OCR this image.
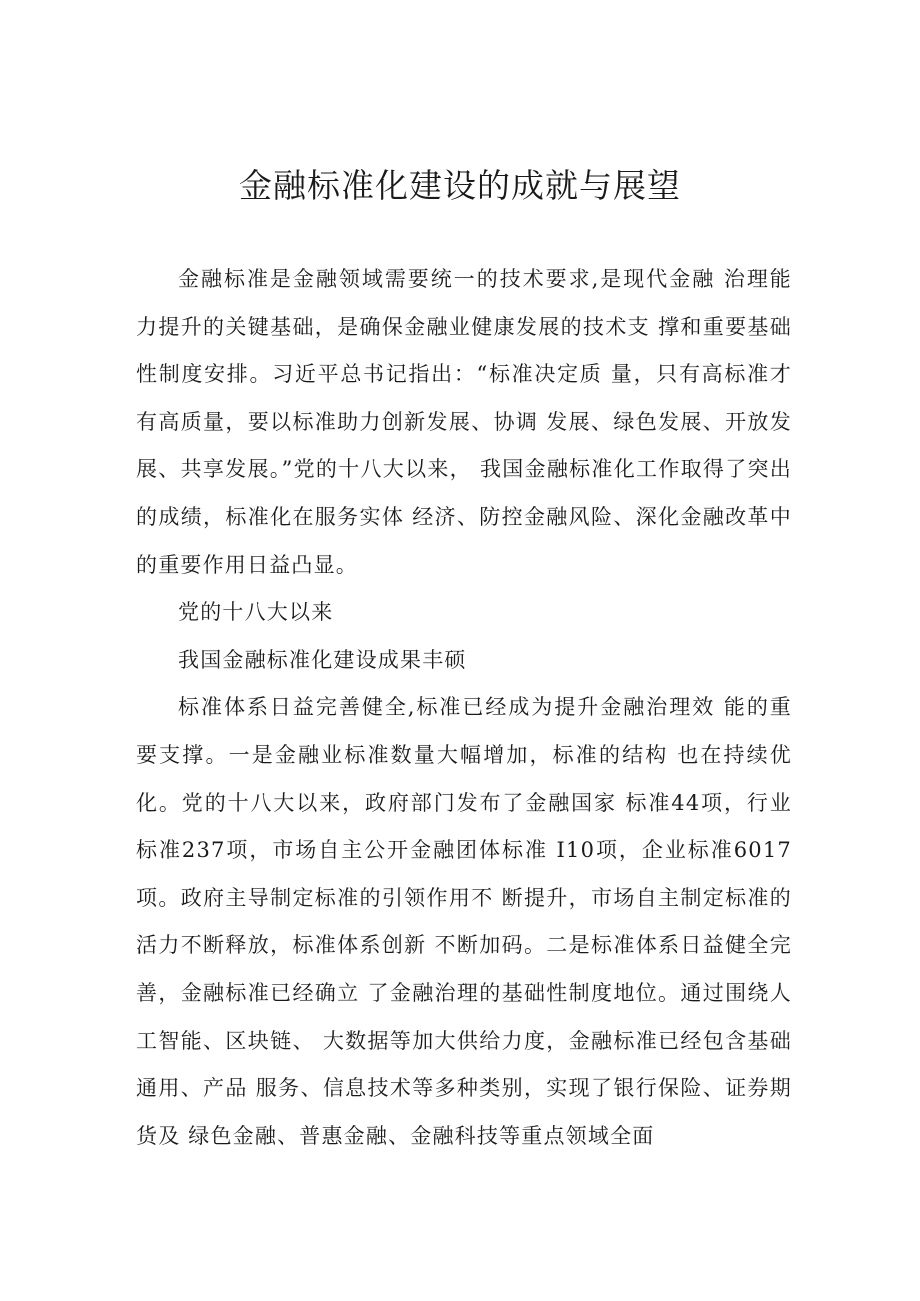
金融标准化建设的成就与展望

金融标准是金融领域需要统一的技术要求,是现代金融 治理能力提升的关键基础，是确保金融业健康发展的技术支 撑和重要基础性制度安排。习近平总书记指出：“标准决定质 量，只有高标准才有高质量，要以标准助力创新发展、协调 发展、绿色发展、开放发展、共享发展。”党的十八大以来， 我国金融标准化工作取得了突出的成绩，标准化在服务实体 经济、防控金融风险、深化金融改革中的重要作用日益凸显。

党的十八大以来

我国金融标准化建设成果丰硕

标准体系日益完善健全,标准已经成为提升金融治理效 能的重要支撑。一是金融业标准数量大幅增加，标准的结构 也在持续优化。党的十八大以来，政府部门发布了金融国家 标准44项，行业标准237项，市场自主公开金融团体标准 I10项，企业标准6017项。政府主导制定标准的引领作用不 断提升，市场自主制定标准的活力不断释放，标准体系创新 不断加码。二是标准体系日益健全完善，金融标准已经确立 了金融治理的基础性制度地位。通过围绕人工智能、区块链、 大数据等加大供给力度，金融标准已经包含基础通用、产品 服务、信息技术等多种类别，实现了银行保险、证券期货及 绿色金融、普惠金融、金融科技等重点领域全面
